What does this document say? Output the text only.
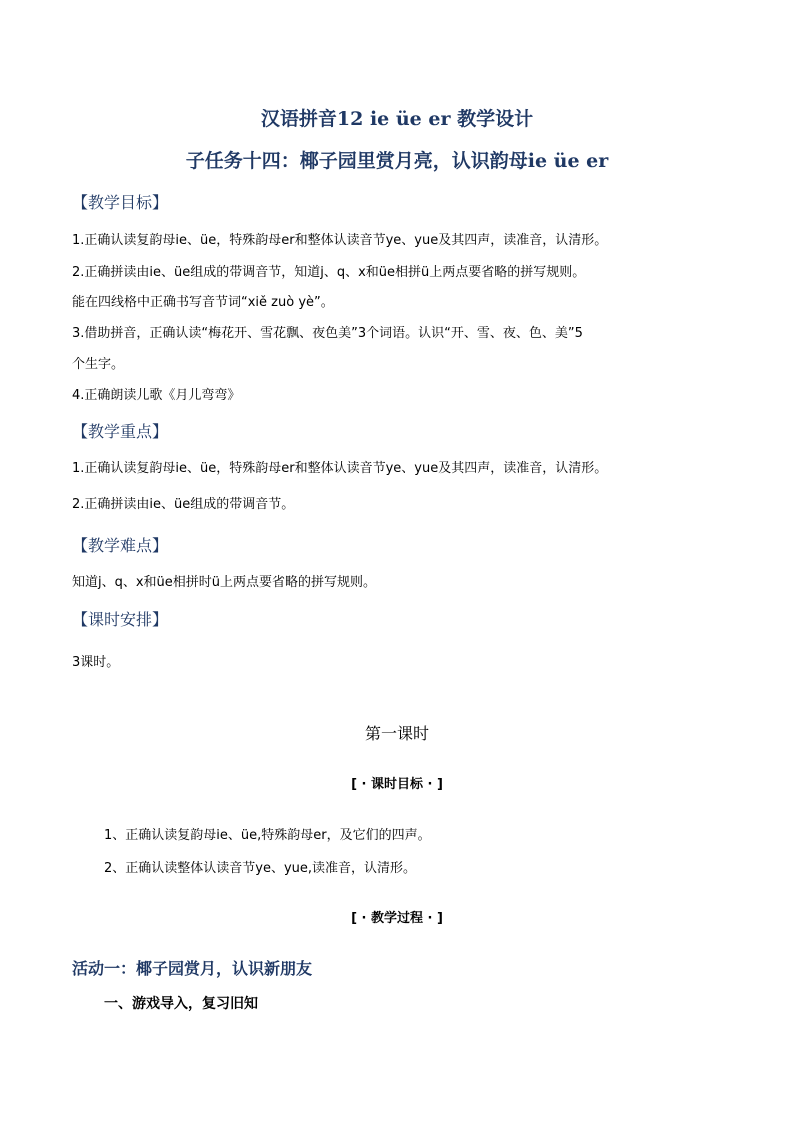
汉语拼音12 ie üe er 教学设计
子任务十四：椰子园里赏月亮，认识韵母ie üe er
【教学目标】
1.正确认读复韵母ie、üe，特殊韵母er和整体认读音节ye、yue及其四声，读准音，认清形。
2.正确拼读由ie、üe组成的带调音节，知道j、q、x和üe相拼ü上两点要省略的拼写规则。
能在四线格中正确书写音节词“xiě zuò yè”。
3.借助拼音，正确认读“梅花开、雪花飘、夜色美”3个词语。认识“开、雪、夜、色、美”5
个生字。
4.正确朗读儿歌《月儿弯弯》
【教学重点】
1.正确认读复韵母ie、üe，特殊韵母er和整体认读音节ye、yue及其四声，读准音，认清形。
2.正确拼读由ie、üe组成的带调音节。
【教学难点】
知道j、q、x和üe相拼时ü上两点要省略的拼写规则。
【课时安排】
3课时。
第一课时
[ · 课时目标 · ]
1、正确认读复韵母ie、üe,特殊韵母er，及它们的四声。
2、正确认读整体认读音节ye、yue,读准音，认清形。
[ · 教学过程 · ]
活动一：椰子园赏月，认识新朋友
一、游戏导入，复习旧知
